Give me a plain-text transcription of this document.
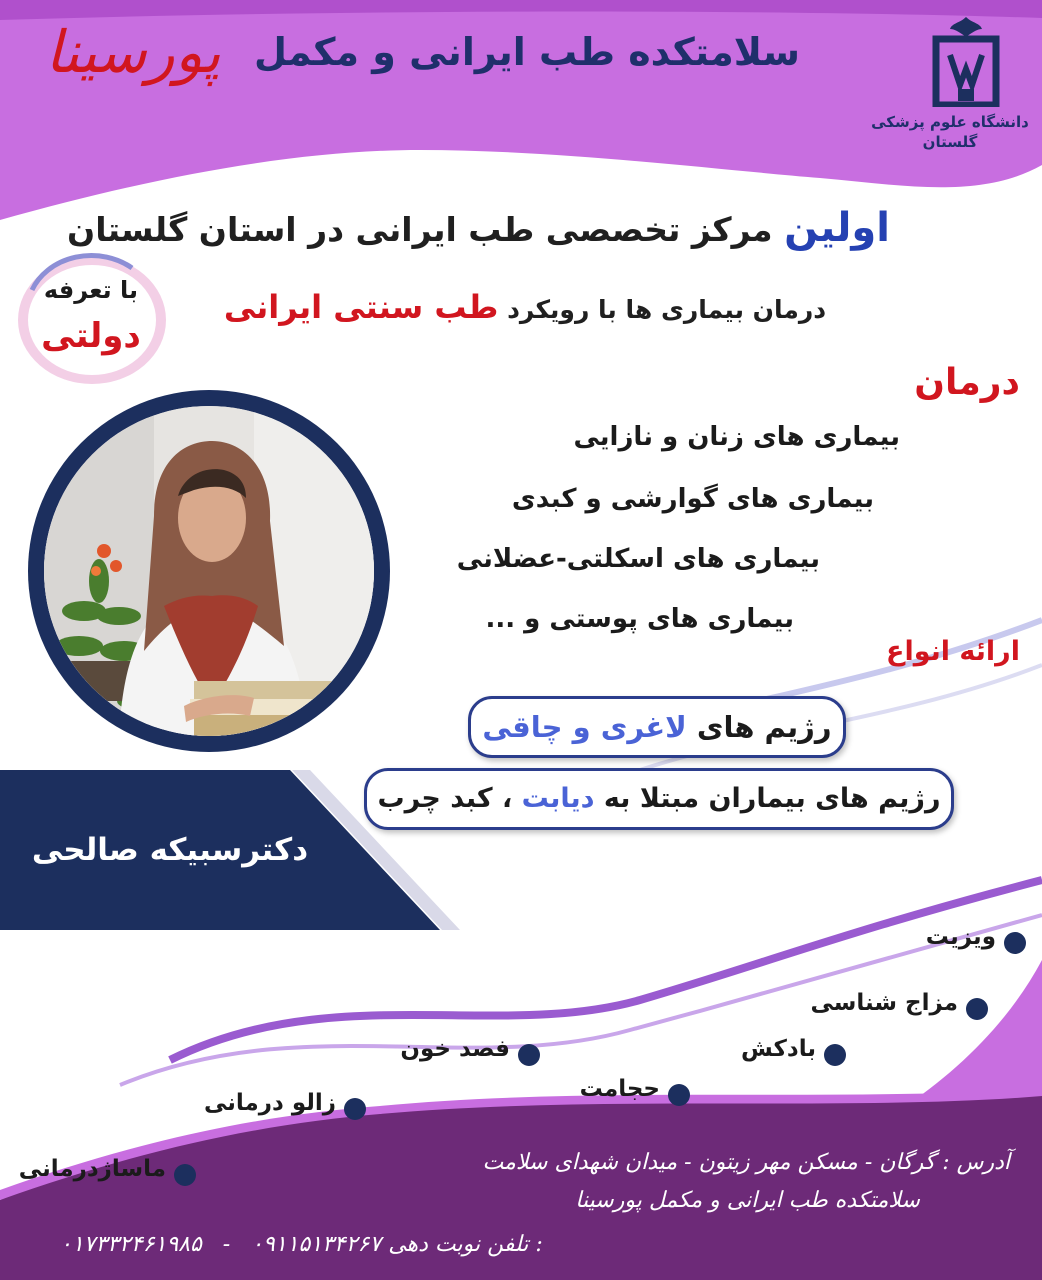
سلامتکده طب ایرانی و مکمل
پورسینا
دانشگاه علوم پزشکی
گلستان
اولین مرکز تخصصی طب ایرانی در استان گلستان
درمان بیماری ها با رویکرد طب سنتی ایرانی
با تعرفه
دولتی
درمان
بیماری های زنان و نازایی
بیماری های گوارشی و کبدی
بیماری های اسکلتی-عضلانی
بیماری های پوستی و ...
ارائه انواع
رژیم های لاغری و چاقی
رژیم های بیماران مبتلا به دیابت ، کبد چرب
دکترسبیکه صالحی
ویزیت
مزاج شناسی
بادکش
حجامت
فصد خون
زالو درمانی
ماساژدرمانی	آدرس : گرگان - مسکن مهر زیتون - میدان شهدای سلامت
سلامتکده طب ایرانی و مکمل پورسینا
۰۱۷۳۳۲۴۶۱۹۸۵   -   ۰۹۱۱۵۱۳۴۲۶۷ تلفن نوبت دهی :
